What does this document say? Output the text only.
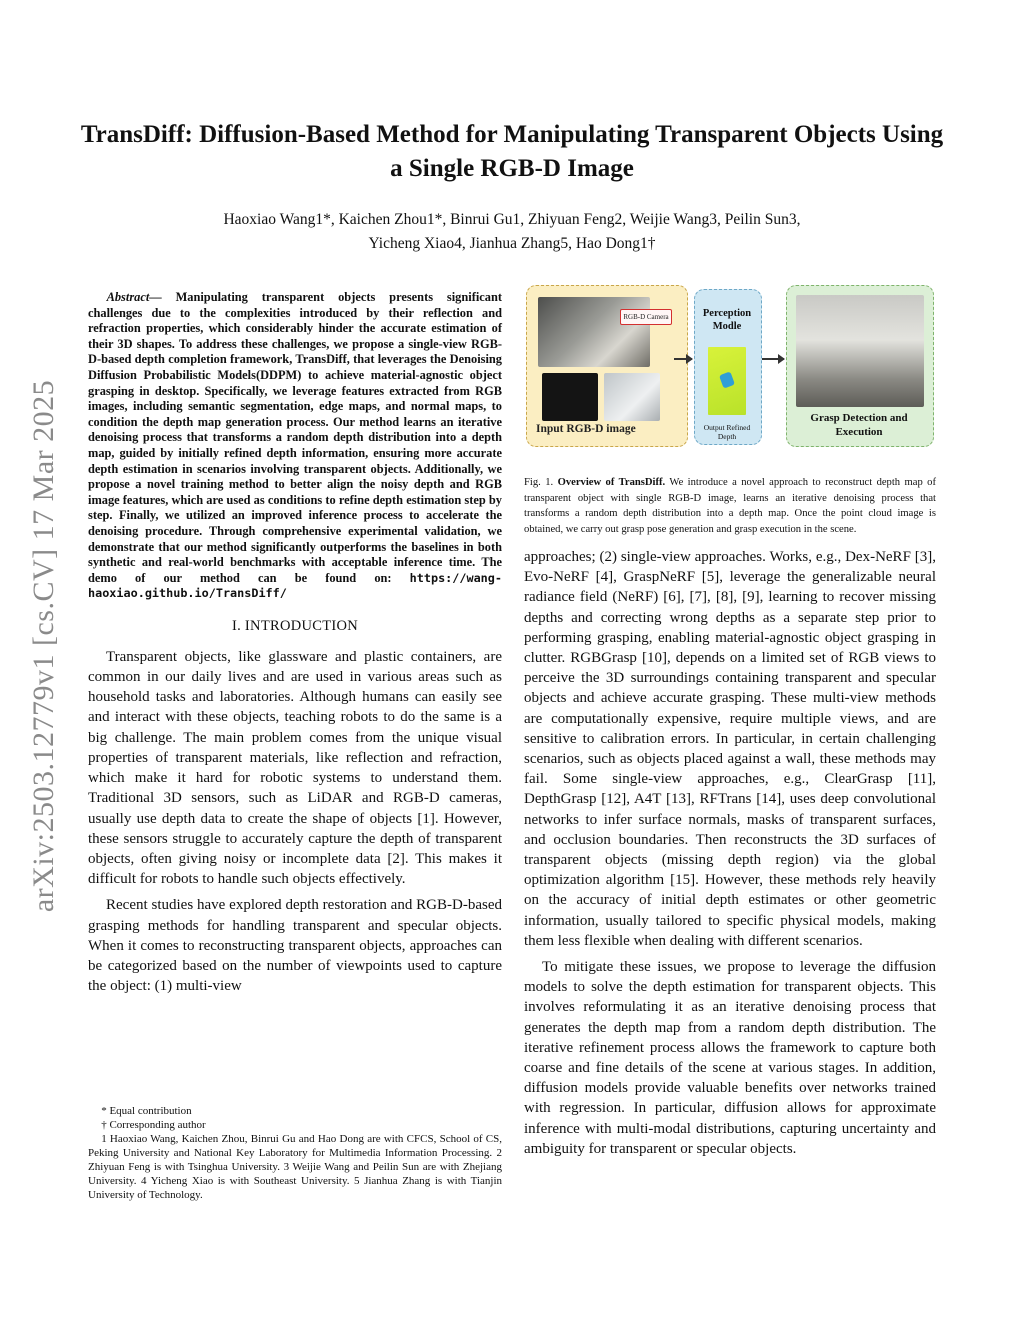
arXiv:2503.12779v1 [cs.CV] 17 Mar 2025
TransDiff: Diffusion-Based Method for Manipulating Transparent Objects Using a Single RGB-D Image
Haoxiao Wang1*, Kaichen Zhou1*, Binrui Gu1, Zhiyuan Feng2, Weijie Wang3, Peilin Sun3,
Yicheng Xiao4, Jianhua Zhang5, Hao Dong1†

Abstract— Manipulating transparent objects presents significant challenges due to the complexities introduced by their reflection and refraction properties, which considerably hinder the accurate estimation of their 3D shapes. To address these challenges, we propose a single-view RGB-D-based depth completion framework, TransDiff, that leverages the Denoising Diffusion Probabilistic Models(DDPM) to achieve material-agnostic object grasping in desktop. Specifically, we leverage features extracted from RGB images, including semantic segmentation, edge maps, and normal maps, to condition the depth map generation process. Our method learns an iterative denoising process that transforms a random depth distribution into a depth map, guided by initially refined depth information, ensuring more accurate depth estimation in scenarios involving transparent objects. Additionally, we propose a novel training method to better align the noisy depth and RGB image features, which are used as conditions to refine depth estimation step by step. Finally, we utilized an improved inference process to accelerate the denoising procedure. Through comprehensive experimental validation, we demonstrate that our method significantly outperforms the baselines in both synthetic and real-world benchmarks with acceptable inference time. The demo of our method can be found on: https://wang-haoxiao.github.io/TransDiff/

I. INTRODUCTION

Transparent objects, like glassware and plastic containers, are common in our daily lives and are used in various areas such as household tasks and laboratories. Although humans can easily see and interact with these objects, teaching robots to do the same is a big challenge. The main problem comes from the unique visual properties of transparent materials, like reflection and refraction, which make it hard for robotic systems to understand them. Traditional 3D sensors, such as LiDAR and RGB-D cameras, usually use depth data to create the shape of objects [1]. However, these sensors struggle to accurately capture the depth of transparent objects, often giving noisy or incomplete data [2]. This makes it difficult for robots to handle such objects effectively.

Recent studies have explored depth restoration and RGB-D-based grasping methods for handling transparent and specular objects. When it comes to reconstructing transparent objects, approaches can be categorized based on the number of viewpoints used to capture the object: (1) multi-view

* Equal contribution

† Corresponding author

1 Haoxiao Wang, Kaichen Zhou, Binrui Gu and Hao Dong are with CFCS, School of CS, Peking University and National Key Laboratory for Multimedia Information Processing. 2 Zhiyuan Feng is with Tsinghua University. 3 Weijie Wang and Peilin Sun are with Zhejiang University. 4 Yicheng Xiao is with Southeast University. 5 Jianhua Zhang is with Tianjin University of Technology.

RGB-D Camera
Input RGB-D image
Perception Modle
Output Refined Depth
Grasp Detection and Execution

Fig. 1. Overview of TransDiff. We introduce a novel approach to reconstruct depth map of transparent object with single RGB-D image, learns an iterative denoising process that transforms a random depth distribution into a depth map. Once the point cloud image is obtained, we carry out grasp pose generation and grasp execution in the scene.

approaches; (2) single-view approaches. Works, e.g., Dex-NeRF [3], Evo-NeRF [4], GraspNeRF [5], leverage the generalizable neural radiance field (NeRF) [6], [7], [8], [9], learning to recover missing depths and correcting wrong depths as a separate step prior to performing grasping, enabling material-agnostic object grasping in clutter. RGBGrasp [10], depends on a limited set of RGB views to perceive the 3D surroundings containing transparent and specular objects and achieve accurate grasping. These multi-view methods are computationally expensive, require multiple views, and are sensitive to calibration errors. In particular, in certain challenging scenarios, such as objects placed against a wall, these methods may fail. Some single-view approaches, e.g., ClearGrasp [11], DepthGrasp [12], A4T [13], RFTrans [14], uses deep convolutional networks to infer surface normals, masks of transparent surfaces, and occlusion boundaries. Then reconstructs the 3D surfaces of transparent objects (missing depth region) via the global optimization algorithm [15]. However, these methods rely heavily on the accuracy of initial depth estimates or other geometric information, usually tailored to specific physical models, making them less flexible when dealing with different scenarios.

To mitigate these issues, we propose to leverage the diffusion models to solve the depth estimation for transparent objects. This involves reformulating it as an iterative denoising process that generates the depth map from a random depth distribution. The iterative refinement process allows the framework to capture both coarse and fine details of the scene at various stages. In addition, diffusion models provide valuable benefits over networks trained with regression. In particular, diffusion allows for approximate inference with multi-modal distributions, capturing uncertainty and ambiguity for transparent or specular objects.
